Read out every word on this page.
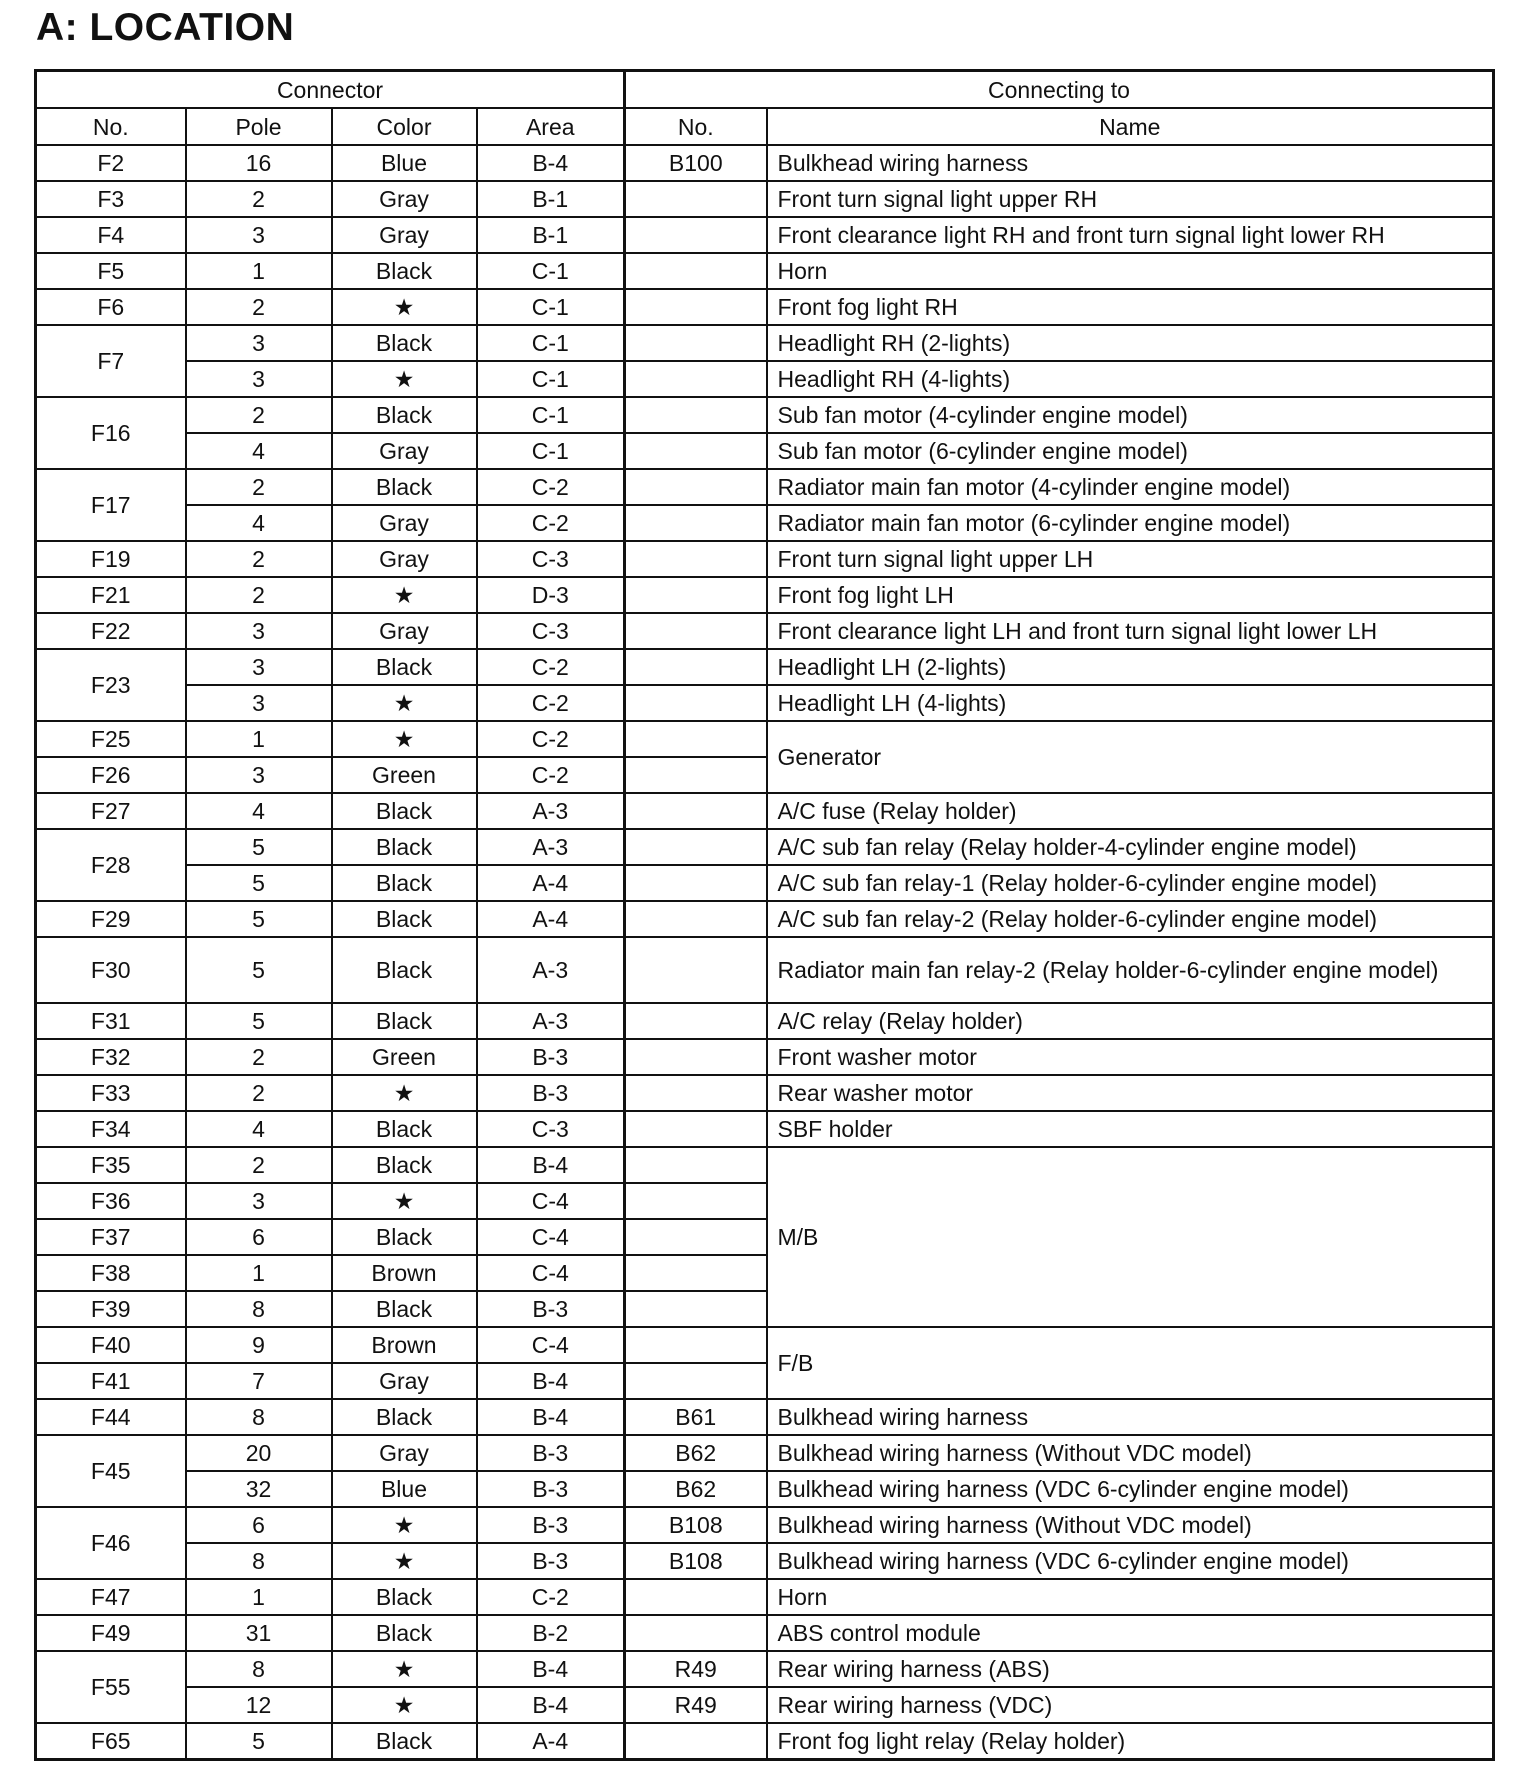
A: LOCATION
Connector				Connecting to	
No.	Pole	Color	Area	No.	Name
F2	16	Blue	B-4	B100	Bulkhead wiring harness
F3	2	Gray	B-1		Front turn signal light upper RH
F4	3	Gray	B-1		Front clearance light RH and front turn signal light lower RH
F5	1	Black	C-1		Horn
F6	2	★	C-1		Front fog light RH
F7	3	Black	C-1		Headlight RH (2-lights)
	3	★	C-1		Headlight RH (4-lights)
F16	2	Black	C-1		Sub fan motor (4-cylinder engine model)
	4	Gray	C-1		Sub fan motor (6-cylinder engine model)
F17	2	Black	C-2		Radiator main fan motor (4-cylinder engine model)
	4	Gray	C-2		Radiator main fan motor (6-cylinder engine model)
F19	2	Gray	C-3		Front turn signal light upper LH
F21	2	★	D-3		Front fog light LH
F22	3	Gray	C-3		Front clearance light LH and front turn signal light lower LH
F23	3	Black	C-2		Headlight LH (2-lights)
	3	★	C-2		Headlight LH (4-lights)
F25	1	★	C-2		Generator
F26	3	Green	C-2		
F27	4	Black	A-3		A/C fuse (Relay holder)
F28	5	Black	A-3		A/C sub fan relay (Relay holder-4-cylinder engine model)
	5	Black	A-4		A/C sub fan relay-1 (Relay holder-6-cylinder engine model)
F29	5	Black	A-4		A/C sub fan relay-2 (Relay holder-6-cylinder engine model)
F30	5	Black	A-3		Radiator main fan relay-2 (Relay holder-6-cylinder engine model)
F31	5	Black	A-3		A/C relay (Relay holder)
F32	2	Green	B-3		Front washer motor
F33	2	★	B-3		Rear washer motor
F34	4	Black	C-3		SBF holder
F35	2	Black	B-4		M/B
F36	3	★	C-4		
F37	6	Black	C-4		
F38	1	Brown	C-4		
F39	8	Black	B-3		
F40	9	Brown	C-4		F/B
F41	7	Gray	B-4		
F44	8	Black	B-4	B61	Bulkhead wiring harness
F45	20	Gray	B-3	B62	Bulkhead wiring harness (Without VDC model)
	32	Blue	B-3	B62	Bulkhead wiring harness (VDC 6-cylinder engine model)
F46	6	★	B-3	B108	Bulkhead wiring harness (Without VDC model)
	8	★	B-3	B108	Bulkhead wiring harness (VDC 6-cylinder engine model)
F47	1	Black	C-2		Horn
F49	31	Black	B-2		ABS control module
F55	8	★	B-4	R49	Rear wiring harness (ABS)
	12	★	B-4	R49	Rear wiring harness (VDC)
F65	5	Black	A-4		Front fog light relay (Relay holder)
